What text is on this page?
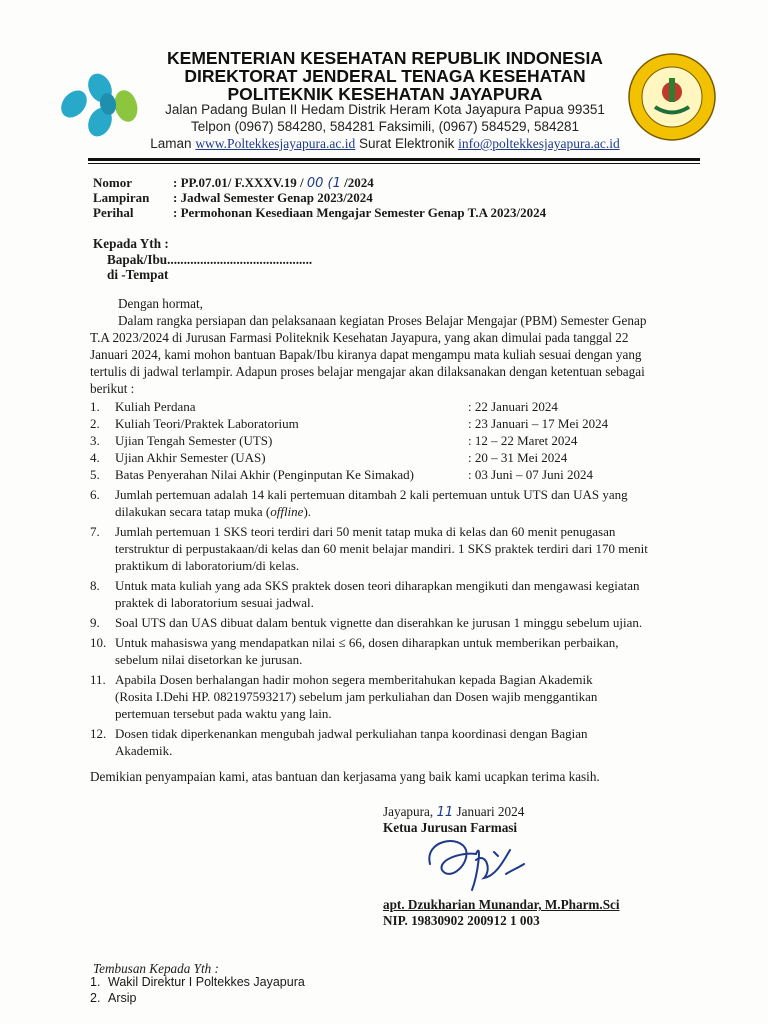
KEMENTERIAN KESEHATAN REPUBLIK INDONESIA
DIREKTORAT JENDERAL TENAGA KESEHATAN
POLITEKNIK KESEHATAN JAYAPURA
Jalan Padang Bulan II Hedam Distrik Heram Kota Jayapura Papua 99351
Telpon (0967) 584280, 584281 Faksimili, (0967) 584529, 584281
Laman www.Poltekkesjayapura.ac.id Surat Elektronik info@poltekkesjayapura.ac.id
Nomor	: PP.07.01/ F.XXXV.19 / 00 (1 /2024
Lampiran : Jadwal Semester Genap 2023/2024
Perihal	: Permohonan Kesediaan Mengajar Semester Genap T.A 2023/2024
Kepada Yth :
Bapak/Ibu............................................
di -Tempat
Dengan hormat,
Dalam rangka persiapan dan pelaksanaan kegiatan Proses Belajar Mengajar (PBM) Semester Genap
T.A 2023/2024 di Jurusan Farmasi Politeknik Kesehatan Jayapura, yang akan dimulai pada tanggal 22
Januari 2024, kami mohon bantuan Bapak/Ibu kiranya dapat mengampu mata kuliah sesuai dengan yang
tertulis di jadwal terlampir. Adapun proses belajar mengajar akan dilaksanakan dengan ketentuan sebagai
berikut :
1.	Kuliah Perdana	: 22 Januari 2024
2.	Kuliah Teori/Praktek Laboratorium	: 23 Januari – 17 Mei 2024
3.	Ujian Tengah Semester (UTS)	: 12 – 22 Maret 2024
4.	Ujian Akhir Semester (UAS)	: 20 – 31 Mei 2024
5.	Batas Penyerahan Nilai Akhir (Penginputan Ke Simakad)	: 03 Juni – 07 Juni 2024
6.	Jumlah pertemuan adalah 14 kali pertemuan ditambah 2 kali pertemuan untuk UTS dan UAS yang
dilakukan secara tatap muka (offline).
7.	Jumlah pertemuan 1 SKS teori terdiri dari 50 menit tatap muka di kelas dan 60 menit penugasan
terstruktur di perpustakaan/di kelas dan 60 menit belajar mandiri. 1 SKS praktek terdiri dari 170 menit
praktikum di laboratorium/di kelas.
8.	Untuk mata kuliah yang ada SKS praktek dosen teori diharapkan mengikuti dan mengawasi kegiatan
praktek di laboratorium sesuai jadwal.
9.	Soal UTS dan UAS dibuat dalam bentuk vignette dan diserahkan ke jurusan 1 minggu sebelum ujian.
10. Untuk mahasiswa yang mendapatkan nilai ≤ 66, dosen diharapkan untuk memberikan perbaikan,
sebelum nilai disetorkan ke jurusan.
11. Apabila Dosen berhalangan hadir mohon segera memberitahukan kepada Bagian Akademik
(Rosita I.Dehi HP. 082197593217) sebelum jam perkuliahan dan Dosen wajib menggantikan
pertemuan tersebut pada waktu yang lain.
12. Dosen tidak diperkenankan mengubah jadwal perkuliahan tanpa koordinasi dengan Bagian
Akademik.
Demikian penyampaian kami, atas bantuan dan kerjasama yang baik kami ucapkan terima kasih.
Jayapura, 11 Januari 2024
Ketua Jurusan Farmasi
apt. Dzukharian Munandar, M.Pharm.Sci
NIP. 19830902 200912 1 003
Tembusan Kepada Yth :
1. Wakil Direktur I Poltekkes Jayapura
2. Arsip
